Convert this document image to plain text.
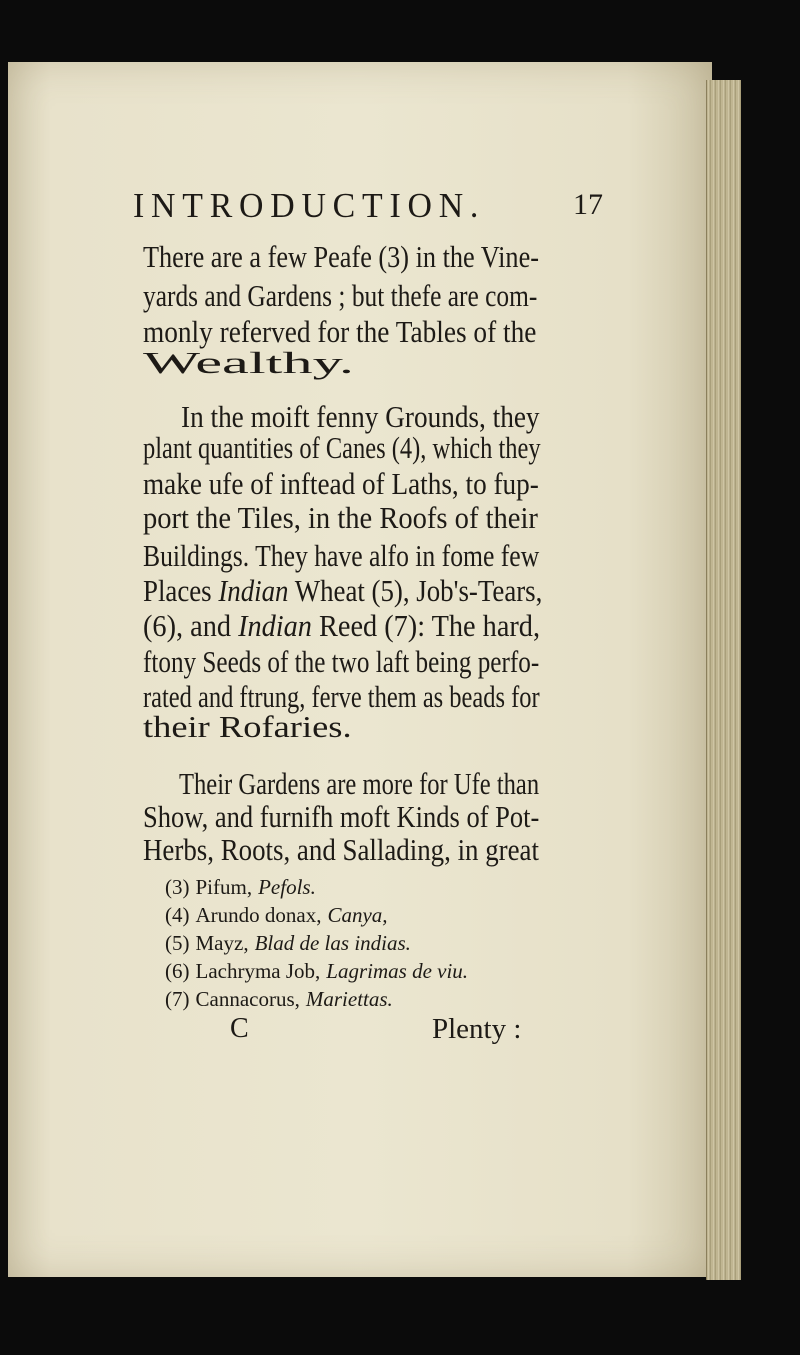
INTRODUCTION.	17
There are a few Peafe (3) in the Vine-
yards and Gardens ; but thefe are com-
monly referved for the Tables of the
Wealthy.
In the moift fenny Grounds, they
plant quantities of Canes (4), which they
make ufe of inftead of Laths, to fup-
port the Tiles, in the Roofs of their
Buildings. They have alfo in fome few
Places Indian Wheat (5), Job's-Tears,
(6), and Indian Reed (7): The hard,
ftony Seeds of the two laft being perfo-
rated and ftrung, ferve them as beads for
their Rofaries.
Their Gardens are more for Ufe than
Show, and furnifh moft Kinds of Pot-
Herbs, Roots, and Sallading, in great
(3) Pifum, Pefols.
(4) Arundo donax, Canya,
(5) Mayz, Blad de las indias.
(6) Lachryma Job, Lagrimas de viu.
(7) Cannacorus, Mariettas.
C	Plenty :
